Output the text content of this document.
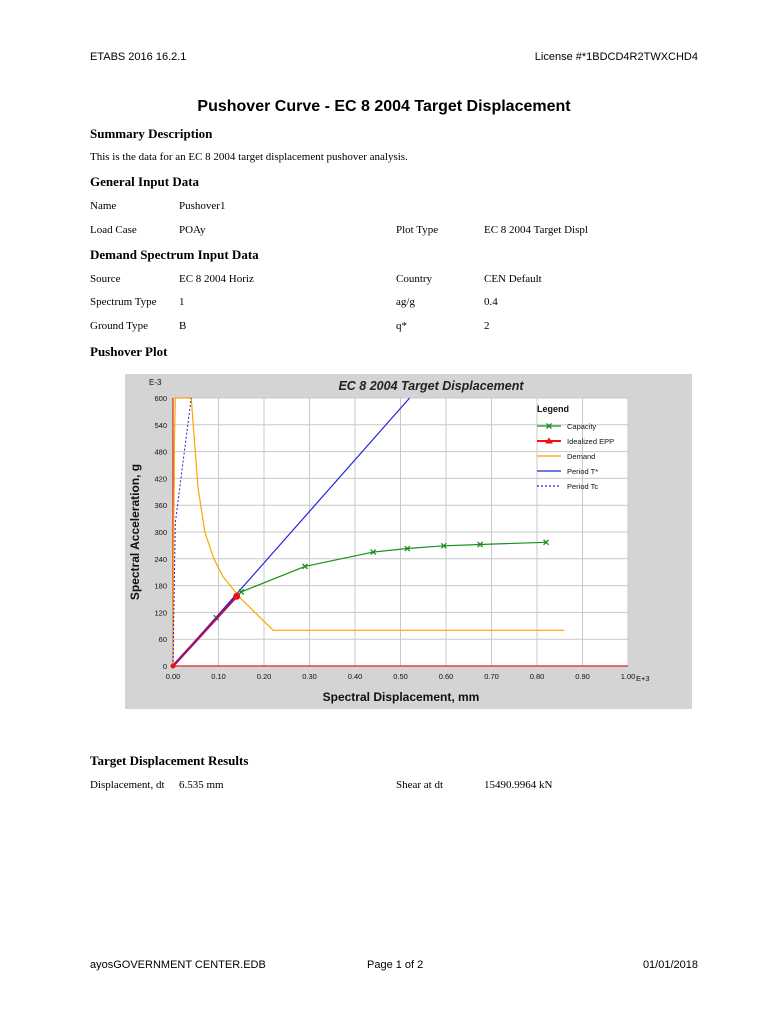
ETABS 2016 16.2.1	License #*1BDCD4R2TWXCHD4
Pushover Curve - EC 8 2004 Target Displacement
Summary Description
This is the data for an EC 8 2004 target displacement pushover analysis.
General Input Data
Name	Pushover1
Load Case	POAy	Plot Type	EC 8 2004 Target Displ
Demand Spectrum Input Data
Source	EC 8 2004 Horiz	Country	CEN Default
Spectrum Type 1	ag/g	0.4
Ground Type	B	q*	2
Pushover Plot
0.00	0.10	0.20	0.30	0.40	0.50	0.60	0.70	0.80	0.90	1.00
0
60
120
180
240
300
360
420
480
540
600
Legend
Capacity
Idealized EPP
Demand
Period T*
Period Tc
EC 8 2004 Target Displacement
Spectral Displacement, mm
Spectral Acceleration, g
E-3
E+3
Target Displacement Results
Displacement, dt 6.535 mm	Shear at dt	15490.9964 kN
ayosGOVERNMENT CENTER.EDB	Page 1 of 2	01/01/2018
